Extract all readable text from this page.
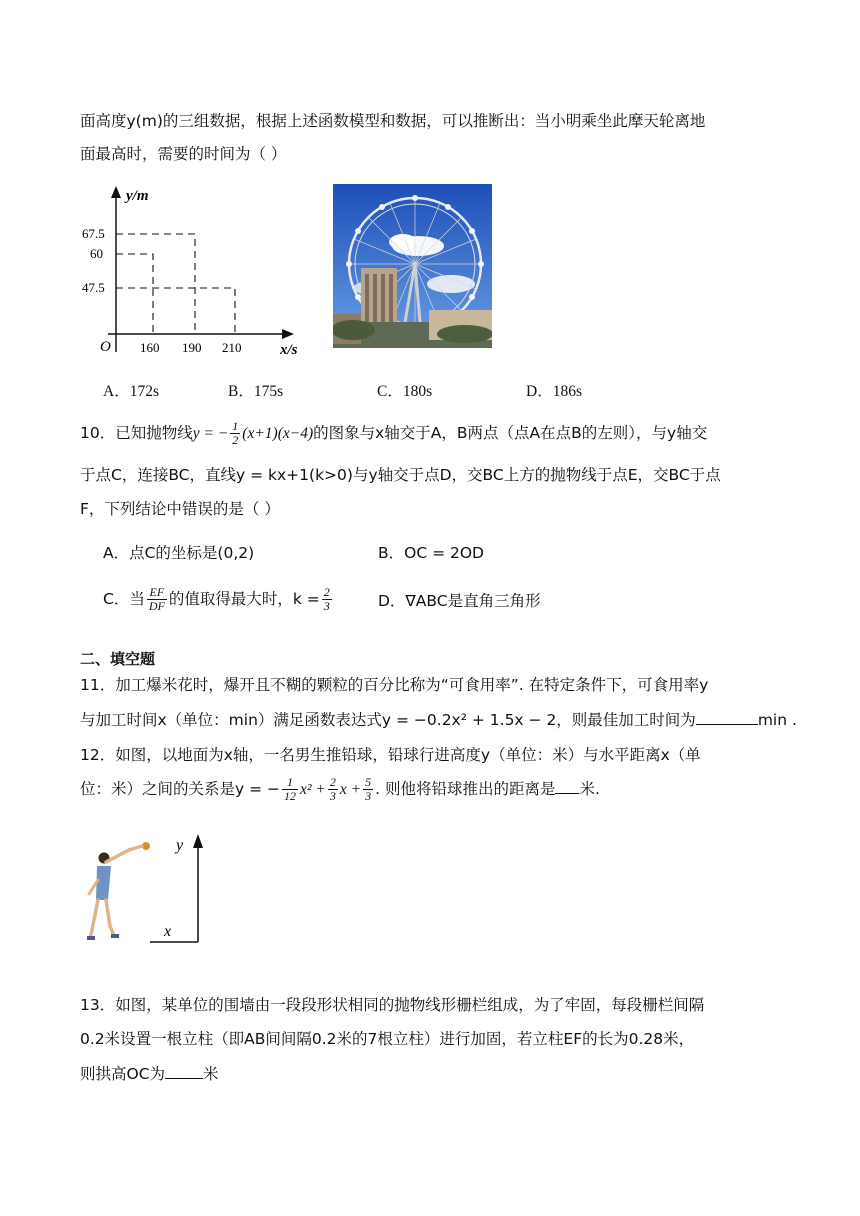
面高度y(m)的三组数据，根据上述函数模型和数据，可以推断出：当小明乘坐此摩天轮离地
面最高时，需要的时间为（ ）
y/m
x/s
O
67.5
60
47.5
160 190 210
A．172s	B．175s	C．180s	D．186s
10．已知抛物线y = − $\frac{1}{2} (x+1)(x-4)$的图象与x轴交于A，B两点（点A在点B的左则），与y轴交
于点C，连接BC，直线y = kx+1(k>0)与y轴交于点D，交BC上方的抛物线于点E，交BC于点
F，下列结论中错误的是（ ）
A．点C的坐标是(0,2)	B．OC = 2OD
C．当 $\frac{EF}{DF}$ 的值取得最大时，$k = \frac{2}{3}$	D．∇ABC是直角三角形
二、填空题
11．加工爆米花时，爆开且不糊的颗粒的百分比称为“可食用率”. 在特定条件下，可食用率y
与加工时间x（单位：min）满足函数表达式y = −0.2x² + 1.5x − 2，则最佳加工时间为	min .
12．如图，以地面为x轴，一名男生推铅球，铅球行进高度y（单位：米）与水平距离x（单
位：米）之间的关系是y = − $\frac{1}{12} x^2 + \frac{2}{3}$ $x + \frac{5}{3}$ . 则他将铅球推出的距离是 米.
y
x
13．如图，某单位的围墙由一段段形状相同的抛物线形栅栏组成，为了牢固，每段栅栏间隔
0.2米设置一根立柱（即AB间间隔0.2米的7根立柱）进行加固，若立柱EF的长为0.28米，
则拱高OC为 米
